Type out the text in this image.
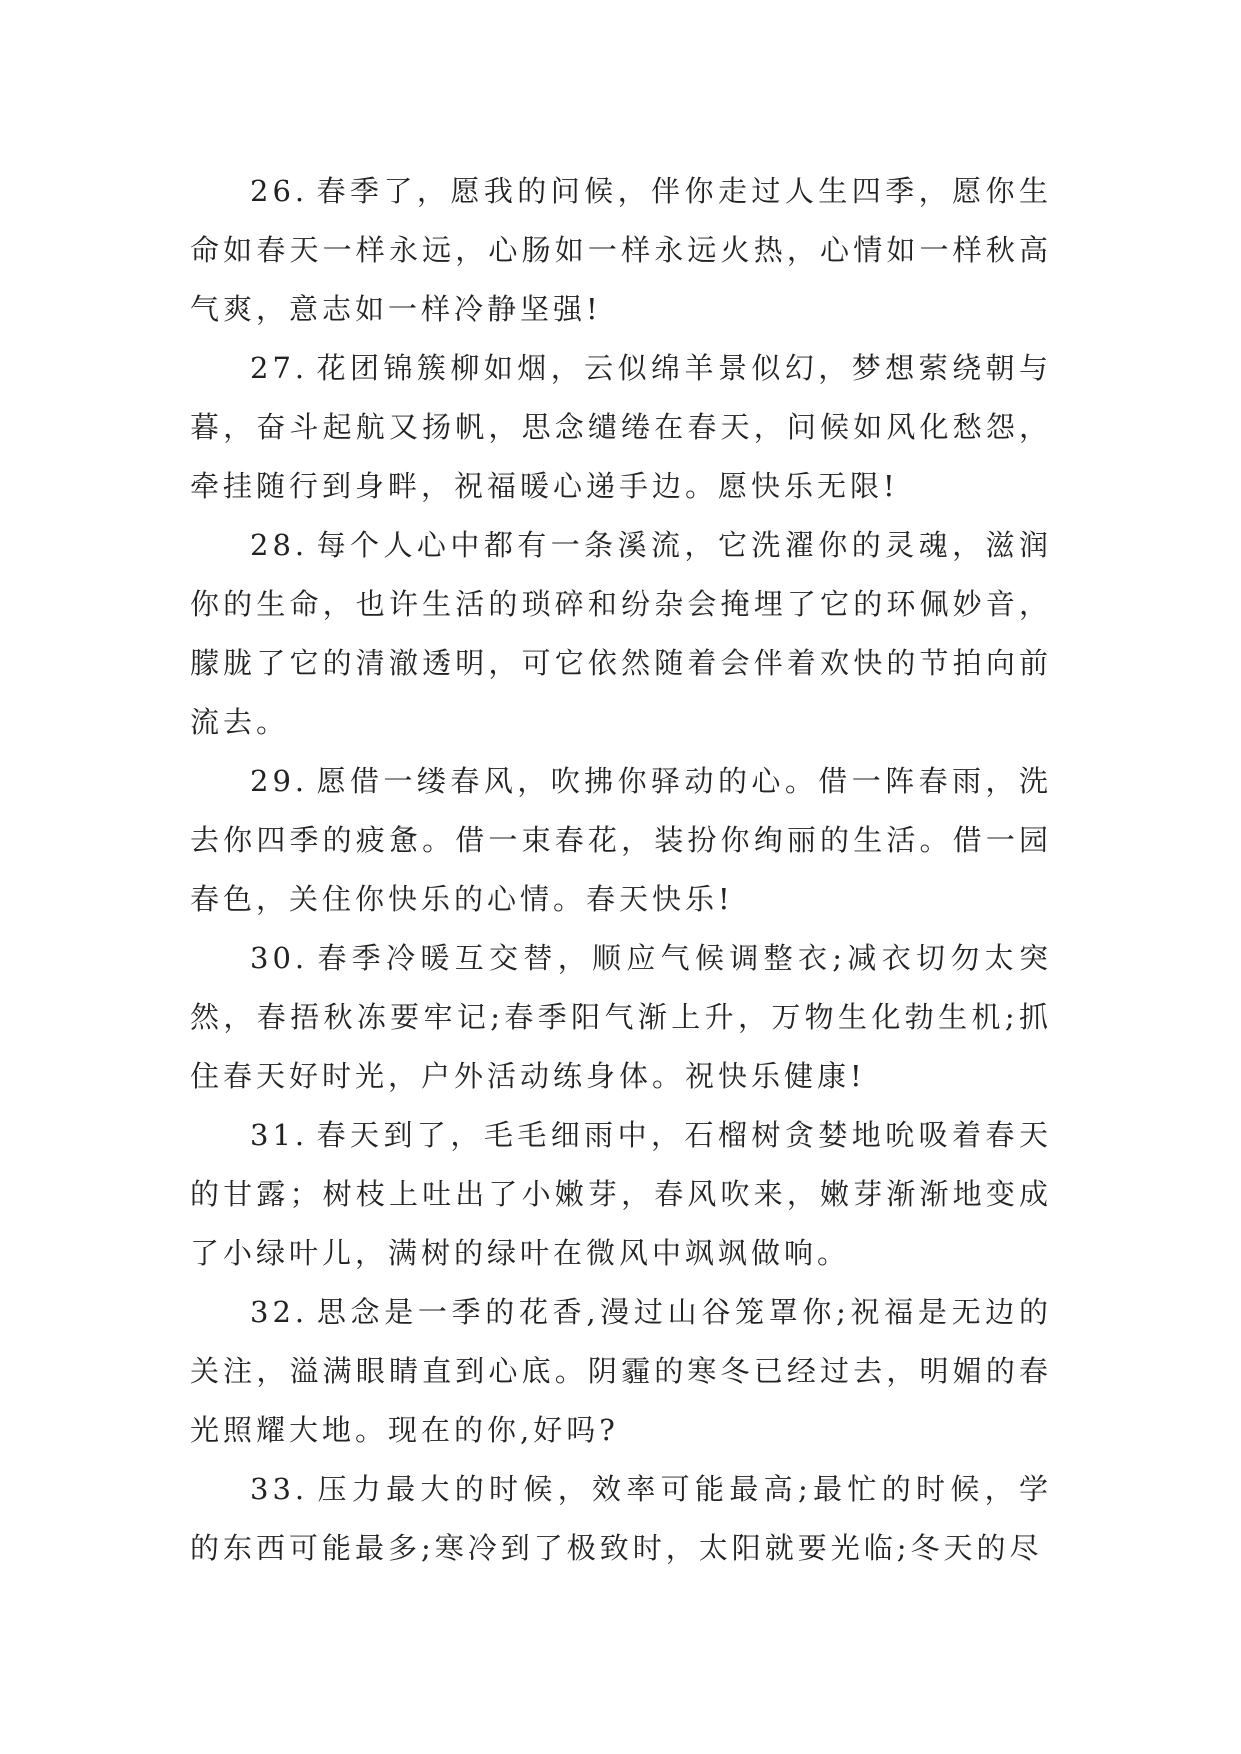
26. 春季了，愿我的问候，伴你走过人生四季，愿你生命如春天一样永远，心肠如一样永远火热，心情如一样秋高气爽，意志如一样冷静坚强!

27. 花团锦簇柳如烟，云似绵羊景似幻，梦想萦绕朝与暮，奋斗起航又扬帆，思念缱绻在春天，问候如风化愁怨，牵挂随行到身畔，祝福暖心递手边。愿快乐无限!

28. 每个人心中都有一条溪流，它洗濯你的灵魂，滋润你的生命，也许生活的琐碎和纷杂会掩埋了它的环佩妙音，朦胧了它的清澈透明，可它依然随着会伴着欢快的节拍向前流去。

29. 愿借一缕春风，吹拂你驿动的心。借一阵春雨，洗去你四季的疲惫。借一束春花，装扮你绚丽的生活。借一园春色，关住你快乐的心情。春天快乐!

30. 春季冷暖互交替，顺应气候调整衣;减衣切勿太突然，春捂秋冻要牢记;春季阳气渐上升，万物生化勃生机;抓住春天好时光，户外活动练身体。祝快乐健康!

31. 春天到了，毛毛细雨中，石榴树贪婪地吮吸着春天的甘露；树枝上吐出了小嫩芽，春风吹来，嫩芽渐渐地变成了小绿叶儿，满树的绿叶在微风中飒飒做响。

32. 思念是一季的花香,漫过山谷笼罩你;祝福是无边的关注，溢满眼睛直到心底。阴霾的寒冬已经过去，明媚的春光照耀大地。现在的你,好吗?

33. 压力最大的时候，效率可能最高;最忙的时候，学的东西可能最多;寒冷到了极致时，太阳就要光临;冬天的尽
